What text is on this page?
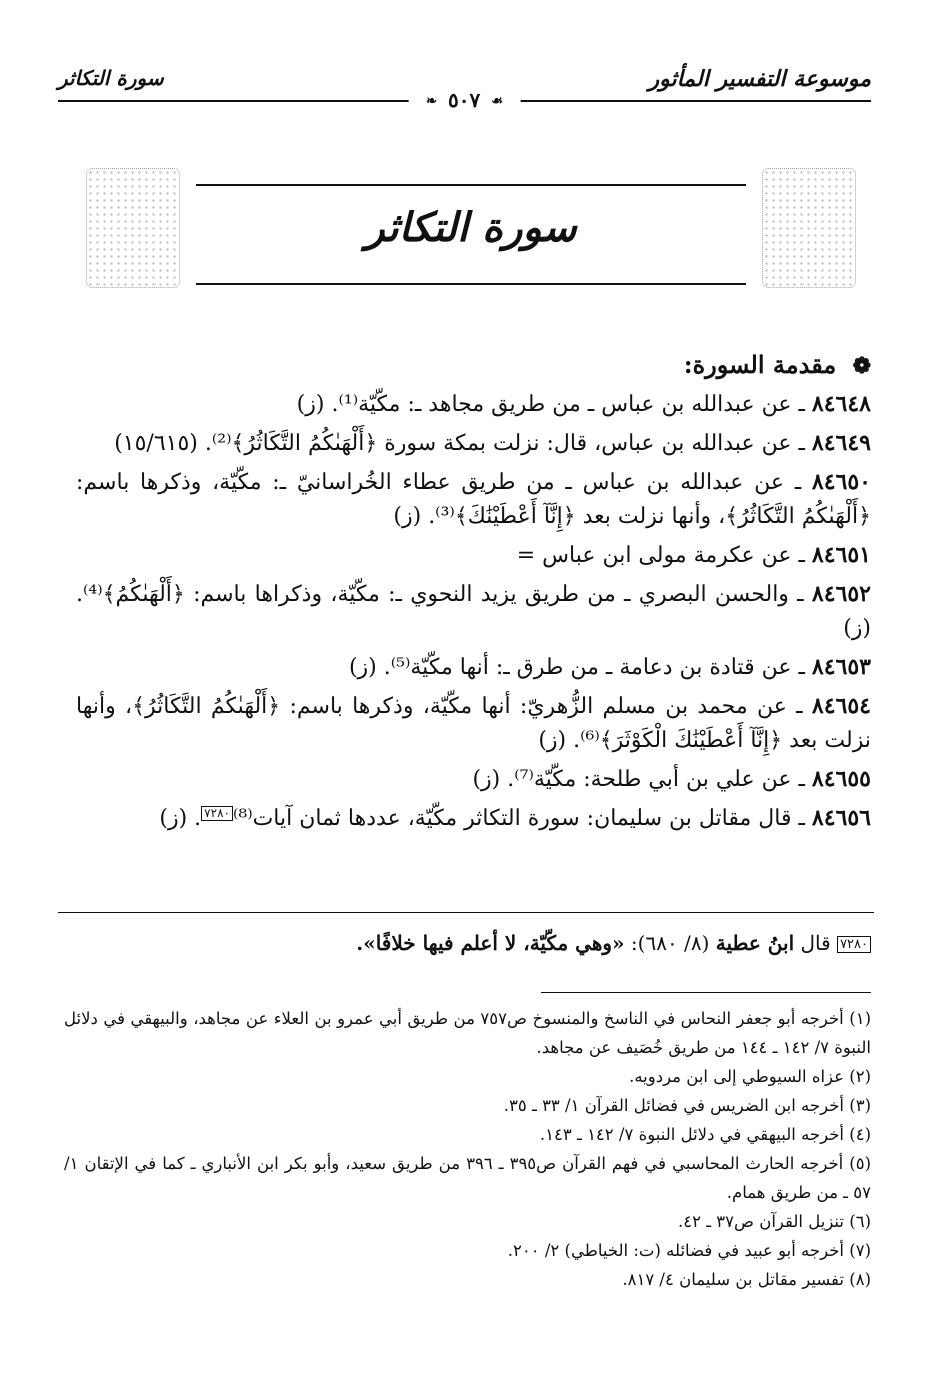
موسوعة التفسير المأثور
سورة التكاثر
☙ ٥٠٧ ❧
سورة التكاثر
❁ مقدمة السورة:

٨٤٦٤٨ ـ عن عبدالله بن عباس ـ من طريق مجاهد ـ: مكّيّة⁽¹⁾. (ز)

٨٤٦٤٩ ـ عن عبدالله بن عباس، قال: نزلت بمكة سورة ﴿أَلْهَىٰكُمُ التَّكَاثُرُ﴾⁽²⁾. (١٥/٦١٥)

٨٤٦٥٠ ـ عن عبدالله بن عباس ـ من طريق عطاء الخُراسانيّ ـ: مكّيّة، وذكرها باسم: ﴿أَلْهَىٰكُمُ التَّكَاثُرُ﴾، وأنها نزلت بعد ﴿إِنَّآ أَعْطَيْنَٰكَ﴾⁽³⁾. (ز)

٨٤٦٥١ ـ عن عكرمة مولى ابن عباس =

٨٤٦٥٢ ـ والحسن البصري ـ من طريق يزيد النحوي ـ: مكّيّة، وذكراها باسم: ﴿أَلْهَىٰكُمُ﴾⁽⁴⁾. (ز)

٨٤٦٥٣ ـ عن قتادة بن دعامة ـ من طرق ـ: أنها مكّيّة⁽⁵⁾. (ز)

٨٤٦٥٤ ـ عن محمد بن مسلم الزُّهريّ: أنها مكّيّة، وذكرها باسم: ﴿أَلْهَىٰكُمُ التَّكَاثُرُ﴾، وأنها نزلت بعد ﴿إِنَّآ أَعْطَيْنَٰكَ الْكَوْثَرَ﴾⁽⁶⁾. (ز)

٨٤٦٥٥ ـ عن علي بن أبي طلحة: مكّيّة⁽⁷⁾. (ز)

٨٤٦٥٦ ـ قال مقاتل بن سليمان: سورة التكاثر مكّيّة، عددها ثمان آيات⁽⁸⁾٧٢٨٠. (ز)

٧٢٨٠ قال ابنُ عطية (٨/ ٦٨٠): «وهي مكّيّة، لا أعلم فيها خلافًا».
(١) أخرجه أبو جعفر النحاس في الناسخ والمنسوخ ص٧٥٧ من طريق أبي عمرو بن العلاء عن مجاهد، والبيهقي في دلائل النبوة ٧/ ١٤٢ ـ ١٤٤ من طريق خُصَيف عن مجاهد.
(٢) عزاه السيوطي إلى ابن مردويه.
(٣) أخرجه ابن الضريس في فضائل القرآن ١/ ٣٣ ـ ٣٥.
(٤) أخرجه البيهقي في دلائل النبوة ٧/ ١٤٢ ـ ١٤٣.
(٥) أخرجه الحارث المحاسبي في فهم القرآن ص٣٩٥ ـ ٣٩٦ من طريق سعيد، وأبو بكر ابن الأنباري ـ كما في الإتقان ١/ ٥٧ ـ من طريق همام.
(٦) تنزيل القرآن ص٣٧ ـ ٤٢.
(٧) أخرجه أبو عبيد في فضائله (ت: الخياطي) ٢/ ٢٠٠.
(٨) تفسير مقاتل بن سليمان ٤/ ٨١٧.
